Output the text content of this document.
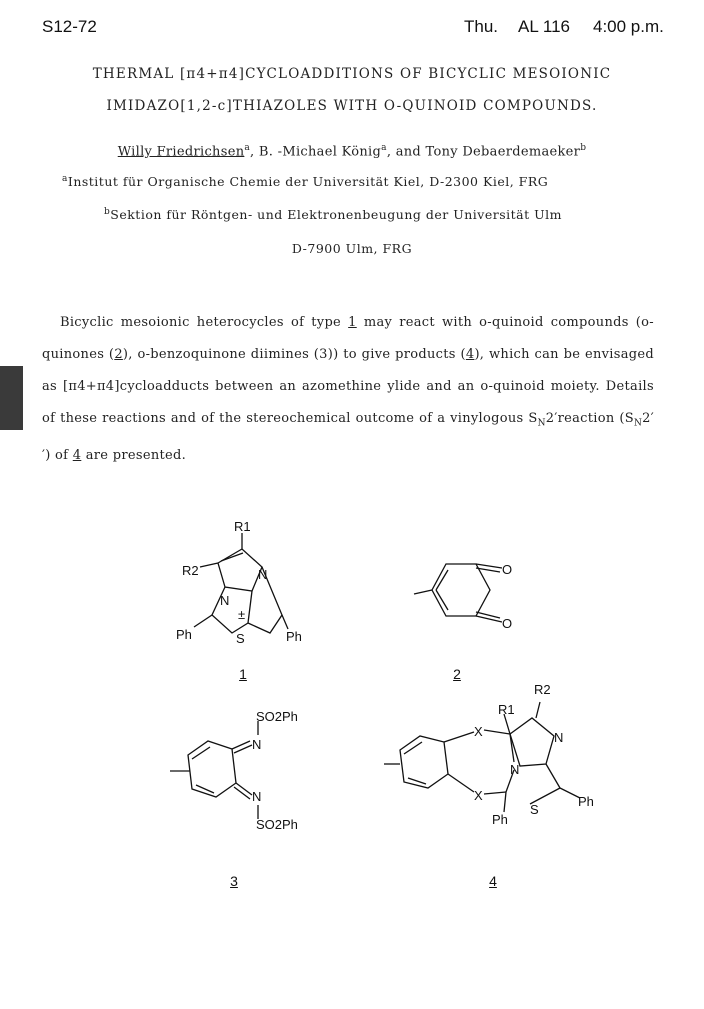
S12-72	Thu. AL 116 4:00 p.m.
THERMAL [π4+π4]CYCLOADDITIONS OF BICYCLIC MESOIONIC
IMIDAZO[1,2-c]THIAZOLES WITH O-QUINOID COMPOUNDS.
Willy Friedrichsen$^a$, B. -Michael König$^a$, and Tony Debaerdemaeker$^b$
$^a$Institut für Organische Chemie der Universität Kiel, D-2300 Kiel, FRG
$^b$Sektion für Röntgen- und Elektronenbeugung der Universität Ulm
D-7900 Ulm, FRG
Bicyclic mesoionic heterocycles of type 1 may react with o-quinoid compounds (o-quinones (2), o-benzoquinone diimines (3)) to give products (4), which can be envisaged as [π4+π4]cycloadducts between an azomethine ylide and an o-quinoid moiety. Details of these reactions and of the stereochemical outcome of a vinylogous $S_N2'reaction$ $(S_N2'')$ of 4 are presented.
R1
R2	N
N
±
S
Ph	Ph
1
O
O
2
SO2Ph
N
N
SO2Ph
3
X
X
R1
R2
N
N
S
Ph
Ph
4
